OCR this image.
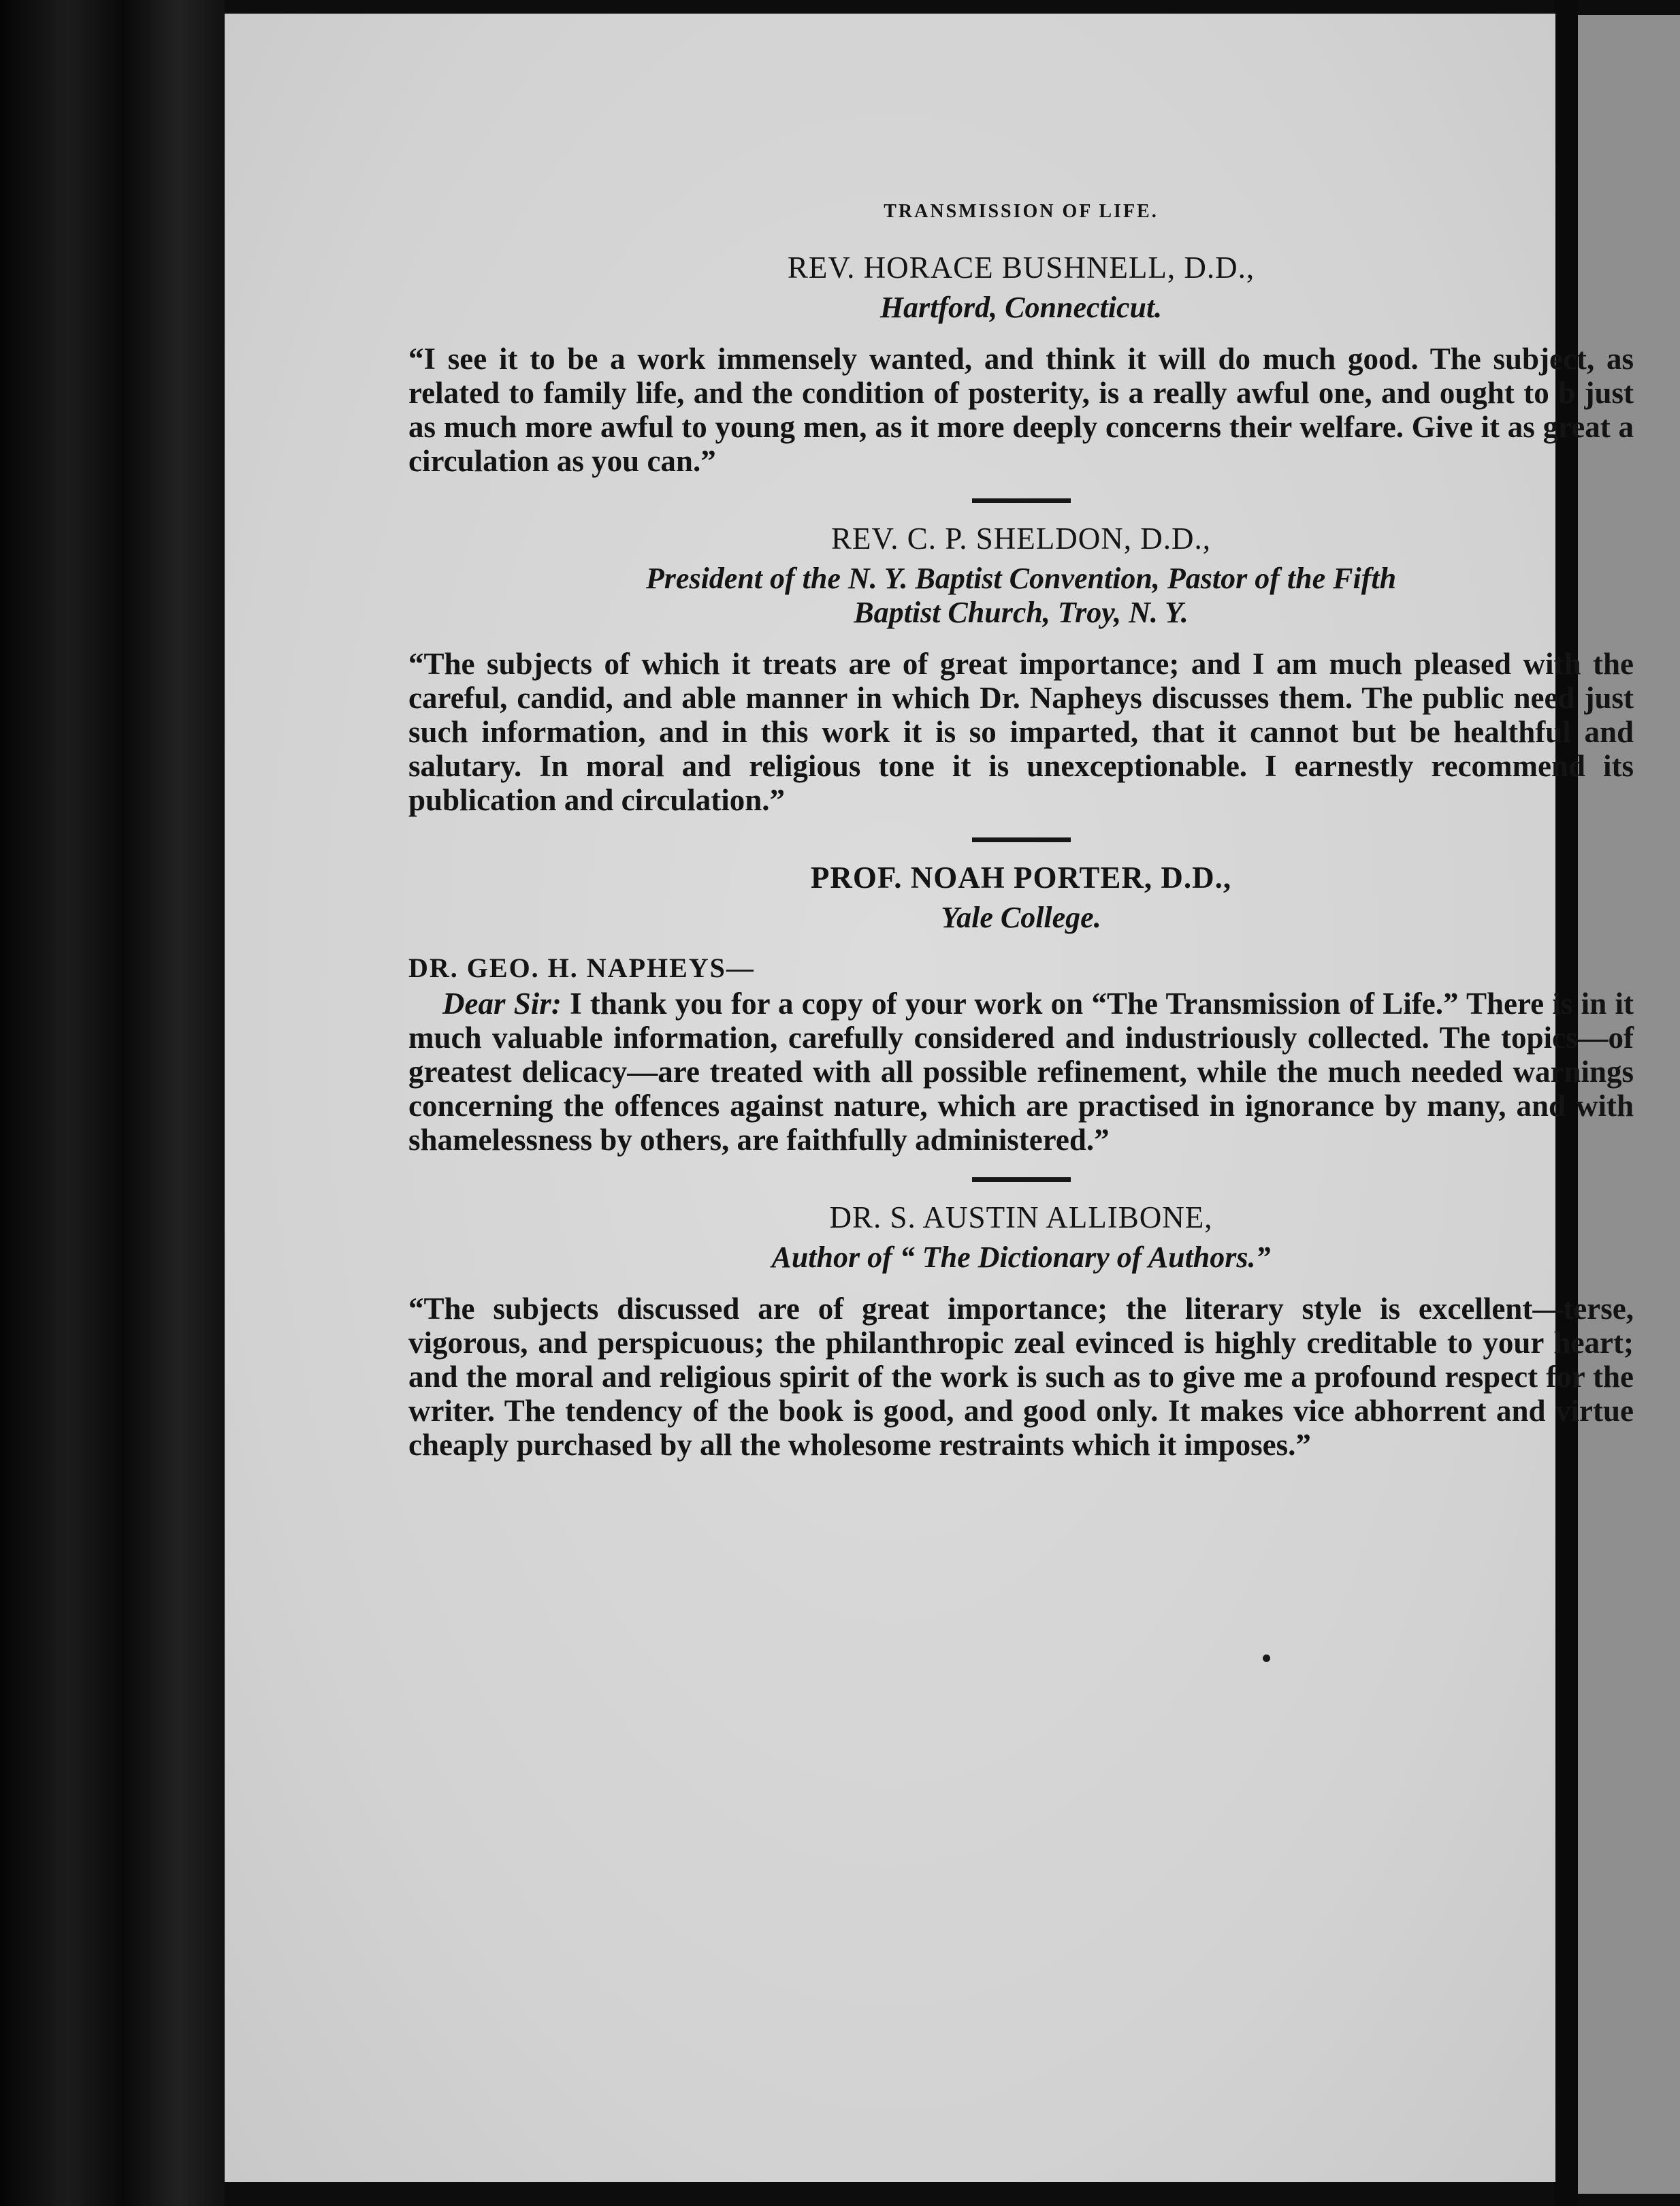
TRANSMISSION OF LIFE.
REV. HORACE BUSHNELL, D.D.,
Hartford, Connecticut.

“I see it to be a work immensely wanted, and think it will do much good. The subject, as related to family life, and the condition of posterity, is a really awful one, and ought to b just as much more awful to young men, as it more deeply concerns their welfare. Give it as great a circulation as you can.”

REV. C. P. SHELDON, D.D.,
President of the N. Y. Baptist Convention, Pastor of the Fifth
Baptist Church, Troy, N. Y.

“The subjects of which it treats are of great importance; and I am much pleased with the careful, candid, and able manner in which Dr. Napheys discusses them. The public need just such information, and in this work it is so imparted, that it cannot but be healthful and salutary. In moral and religious tone it is unexceptionable. I earnestly recommend its publication and circulation.”

PROF. NOAH PORTER, D.D.,
Yale College.
DR. GEO. H. NAPHEYS—

Dear Sir: I thank you for a copy of your work on “The Transmission of Life.” There is in it much valuable information, carefully considered and industriously collected. The topics—of greatest delicacy—are treated with all possible refinement, while the much needed warnings concerning the offences against nature, which are practised in ignorance by many, and with shamelessness by others, are faithfully administered.”

DR. S. AUSTIN ALLIBONE,
Author of “ The Dictionary of Authors.”

“The subjects discussed are of great importance; the literary style is excellent—terse, vigorous, and perspicuous; the philanthropic zeal evinced is highly creditable to your heart; and the moral and religious spirit of the work is such as to give me a profound respect for the writer. The tendency of the book is good, and good only. It makes vice abhorrent and virtue cheaply purchased by all the wholesome restraints which it imposes.”
